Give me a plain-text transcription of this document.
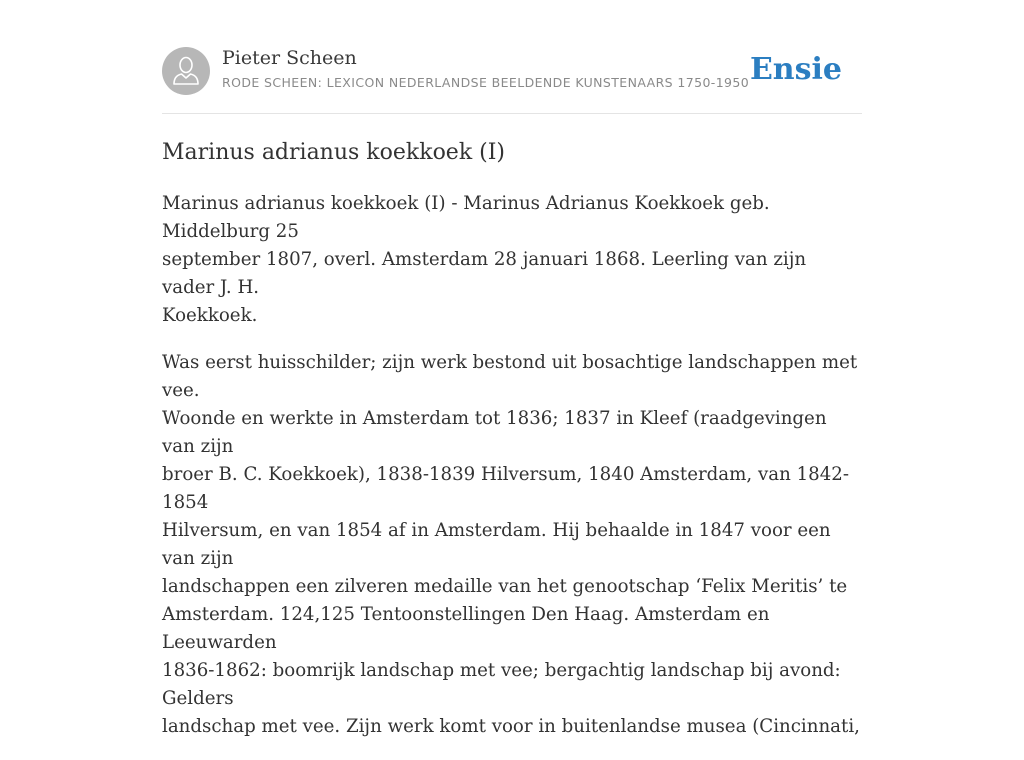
Pieter Scheen
RODE SCHEEN: LEXICON NEDERLANDSE BEELDENDE KUNSTENAARS 1750-1950 Ensie
Marinus adrianus koekkoek (I)

Marinus adrianus koekkoek (I) - Marinus Adrianus Koekkoek geb. Middelburg 25
september 1807, overl. Amsterdam 28 januari 1868. Leerling van zijn vader J. H.
Koekkoek.

Was eerst huisschilder; zijn werk bestond uit bosachtige landschappen met vee.
Woonde en werkte in Amsterdam tot 1836; 1837 in Kleef (raadgevingen van zijn
broer B. C. Koekkoek), 1838-1839 Hilversum, 1840 Amsterdam, van 1842-1854
Hilversum, en van 1854 af in Amsterdam. Hij behaalde in 1847 voor een van zijn
landschappen een zilveren medaille van het genootschap ‘Felix Meritis’ te
Amsterdam. 124,125 Tentoonstellingen Den Haag. Amsterdam en Leeuwarden
1836-1862: boomrijk landschap met vee; bergachtig landschap bij avond: Gelders
landschap met vee. Zijn werk komt voor in buitenlandse musea (Cincinnati,
